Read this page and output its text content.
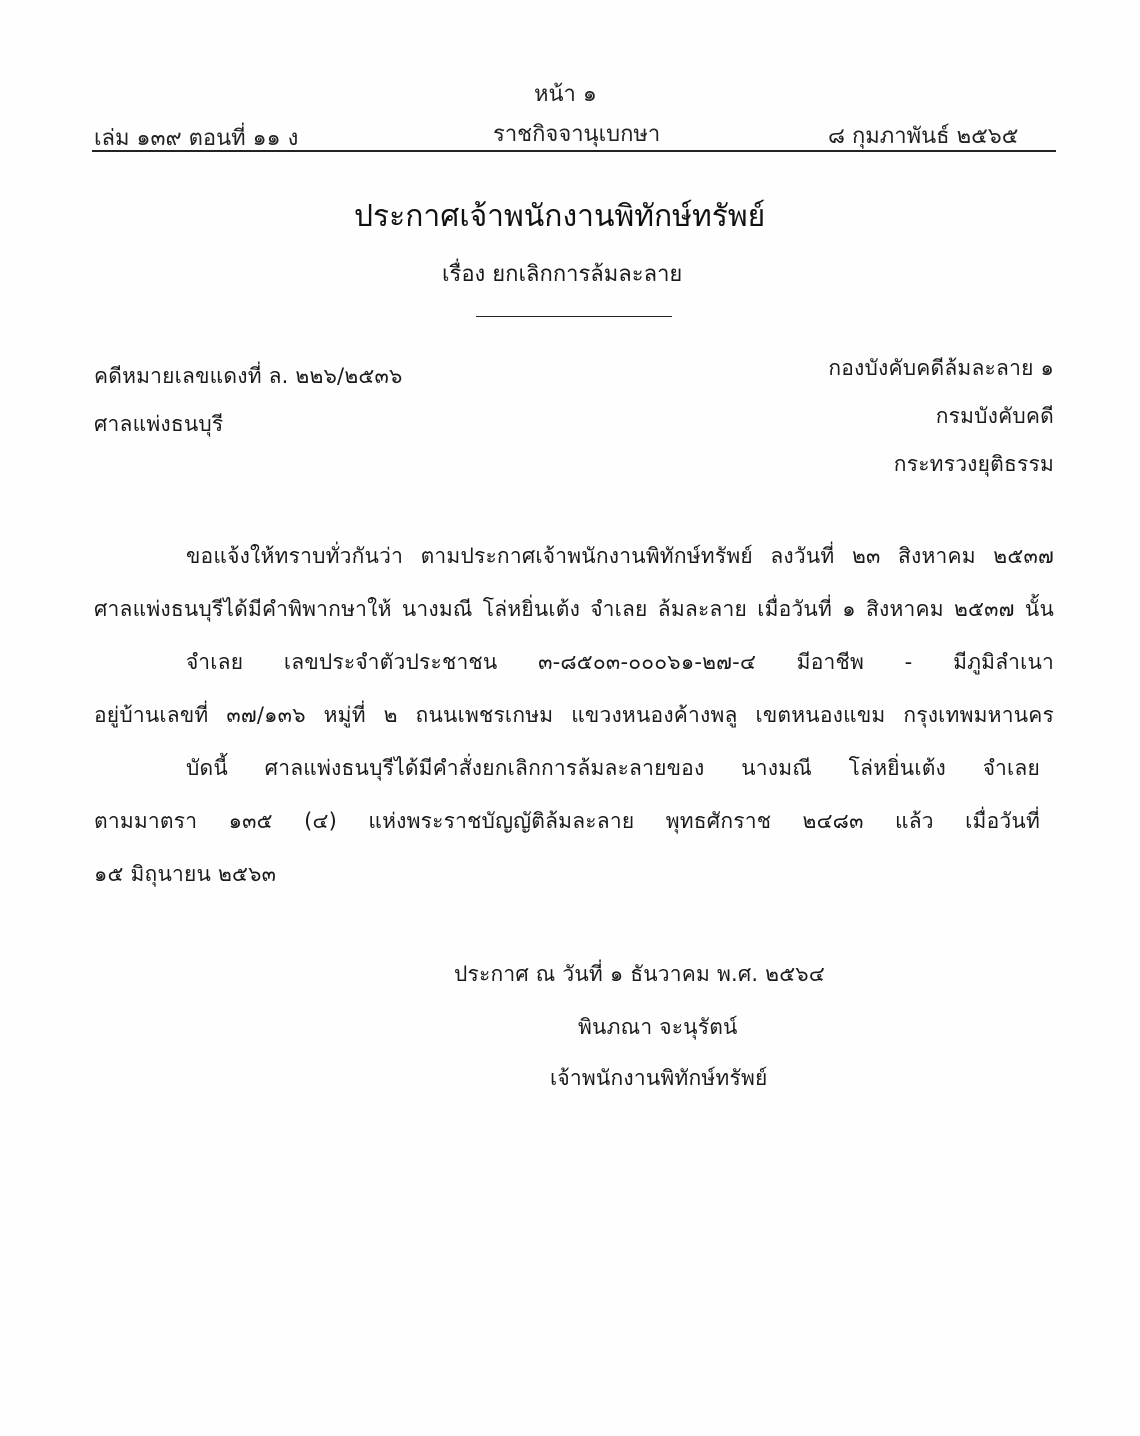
หน้า ๑
เล่ม ๑๓๙ ตอนที่ ๑๑ ง	ราชกิจจานุเบกษา	๘ กุมภาพันธ์ ๒๕๖๕
ประกาศเจ้าพนักงานพิทักษ์ทรัพย์
เรื่อง ยกเลิกการล้มละลาย
คดีหมายเลขแดงที่ ล. ๒๒๖/๒๕๓๖
ศาลแพ่งธนบุรี
กองบังคับคดีล้มละลาย ๑
กรมบังคับคดี
กระทรวงยุติธรรม
ขอแจ้งให้ทราบทั่วกันว่า ตามประกาศเจ้าพนักงานพิทักษ์ทรัพย์ ลงวันที่ ๒๓ สิงหาคม ๒๕๓๗
ศาลแพ่งธนบุรีได้มีคำพิพากษาให้ นางมณี โล่หยิ่นเต้ง จำเลย ล้มละลาย เมื่อวันที่ ๑ สิงหาคม ๒๕๓๗ นั้น
จำเลย เลขประจำตัวประชาชน ๓-๘๕๐๓-๐๐๐๖๑-๒๗-๔ มีอาชีพ - มีภูมิลำเนา
อยู่บ้านเลขที่ ๓๗/๑๓๖ หมู่ที่ ๒ ถนนเพชรเกษม แขวงหนองค้างพลู เขตหนองแขม กรุงเทพมหานคร
บัดนี้ ศาลแพ่งธนบุรีได้มีคำสั่งยกเลิกการล้มละลายของ นางมณี โล่หยิ่นเต้ง จำเลย
ตามมาตรา ๑๓๕ (๔) แห่งพระราชบัญญัติล้มละลาย พุทธศักราช ๒๔๘๓ แล้ว เมื่อวันที่
๑๕ มิถุนายน ๒๕๖๓
ประกาศ ณ วันที่ ๑ ธันวาคม พ.ศ. ๒๕๖๔
พินภณา จะนุรัตน์
เจ้าพนักงานพิทักษ์ทรัพย์
